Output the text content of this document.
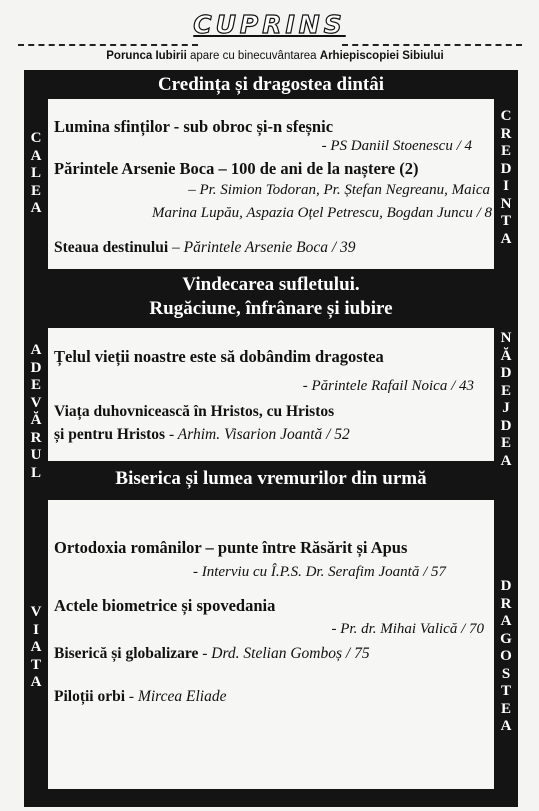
CUPRINS
Porunca Iubirii apare cu binecuvântarea Arhiepiscopiei Sibiului
Credința și dragostea dintâi
Lumina sfinților - sub obroc și-n sfeșnic
- PS Daniil Stoenescu / 4
Părintele Arsenie Boca – 100 de ani de la naștere (2)
– Pr. Simion Todoran, Pr. Ștefan Negreanu, Maica
Marina Lupău, Aspazia Oțel Petrescu, Bogdan Juncu / 8
Steaua destinului – Părintele Arsenie Boca / 39
Vindecarea sufletului.
Rugăciune, înfrânare și iubire
Țelul vieții noastre este să dobândim dragostea
- Părintele Rafail Noica / 43
Viața duhovnicească în Hristos, cu Hristos
și pentru Hristos - Arhim. Visarion Joantă / 52
Biserica și lumea vremurilor din urmă
Ortodoxia românilor – punte între Răsărit și Apus
- Interviu cu Î.P.S. Dr. Serafim Joantă / 57
Actele biometrice și spovedania
- Pr. dr. Mihai Valică / 70
Biserică și globalizare - Drd. Stelian Gomboș / 75
Piloții orbi - Mircea Eliade
C
A
L
E
A
A
D
E
V
Ă
R
U
L
V
I
A
T
A
C
R
E
D
I
N
T
A
N
Ă
D
E
J
D
E
A
D
R
A
G
O
S
T
E
A
